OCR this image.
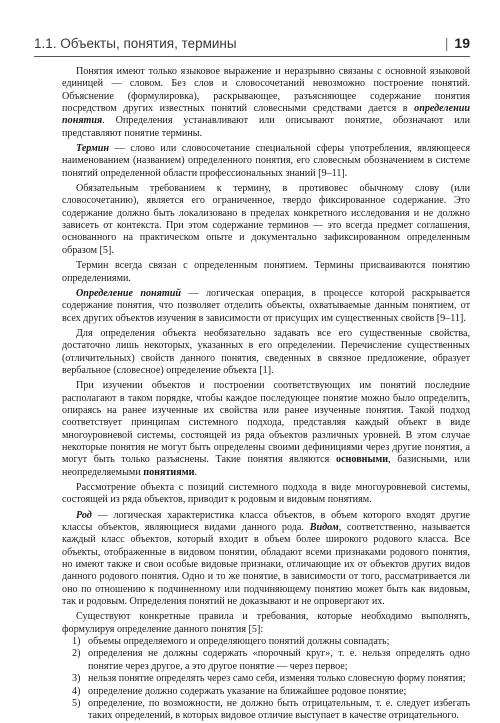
1.1. Объекты, понятия, термины	| 19

Понятия имеют только языковое выражение и неразрывно связаны с основной языковой единицей — словом. Без слов и словосочетаний невозможно построение понятий. Объяснение (формулировка), раскрывающее, разъясняющее содержание понятия посредством других известных понятий словесными средствами дается в определении понятия. Определения устанавливают или описывают понятие, обозначают или представляют понятие термины.

Термин — слово или словосочетание специальной сферы употребления, являющееся наименованием (названием) определенного понятия, его словесным обозначением в системе понятий определенной области профессиональных знаний [9–11].

Обязательным требованием к термину, в противовес обычному слову (или словосочетанию), является его ограниченное, твердо фиксированное содержание. Это содержание должно быть локализовано в пределах конкретного исследования и не должно зависеть от контекста. При этом содержание терминов — это всегда предмет соглашения, основанного на практическом опыте и документально зафиксированном определенным образом [5].

Термин всегда связан с определенным понятием. Термины присваиваются понятию определениями.

Определение понятий — логическая операция, в процессе которой раскрывается содержание понятия, что позволяет отделить объекты, охватываемые данным понятием, от всех других объектов изучения в зависимости от присущих им существенных свойств [9–11].

Для определения объекта необязательно задавать все его существенные свойства, достаточно лишь некоторых, указанных в его определении. Перечисление существенных (отличительных) свойств данного понятия, сведенных в связное предложение, образует вербальное (словесное) определение объекта [1].

При изучении объектов и построении соответствующих им понятий последние располагают в таком порядке, чтобы каждое последующее понятие можно было определить, опираясь на ранее изученные их свойства или ранее изученные понятия. Такой подход соответствует принципам системного подхода, представляя каждый объект в виде многоуровневой системы, состоящей из ряда объектов различных уровней. В этом случае некоторые понятия не могут быть определены своими дефинициями через другие понятия, а могут быть только разъяснены. Такие понятия являются основными, базисными, или неопределяемыми понятиями.

Рассмотрение объекта с позиций системного подхода в виде многоуровневой системы, состоящей из ряда объектов, приводит к родовым и видовым понятиям.

Род — логическая характеристика класса объектов, в объем которого входят другие классы объектов, являющиеся видами данного рода. Видом, соответственно, называется каждый класс объектов, который входит в объем более широкого родового класса. Все объекты, отображенные в видовом понятии, обладают всеми признаками родового понятия, но имеют также и свои особые видовые признаки, отличающие их от объектов других видов данного родового понятия. Одно и то же понятие, в зависимости от того, рассматривается ли оно по отношению к подчиненному или подчиняющему понятию может быть как видовым, так и родовым. Определения понятий не доказывают и не опровергают их.

Существуют конкретные правила и требования, которые необходимо выполнять, формулируя определение данного понятия [5]:

1) объемы определяемого и определяющего понятий должны совпадать;
2) определения не должны содержать «порочный круг», т. е. нельзя определять одно понятие через другое, а это другое понятие — через первое;
3) нельзя понятие определять через само себя, изменяя только словесную форму понятия;
4) определение должно содержать указание на ближайшее родовое понятие;
5) определение, по возможности, не должно быть отрицательным, т. е. следует избегать таких определений, в которых видовое отличие выступает в качестве отрицательного.
